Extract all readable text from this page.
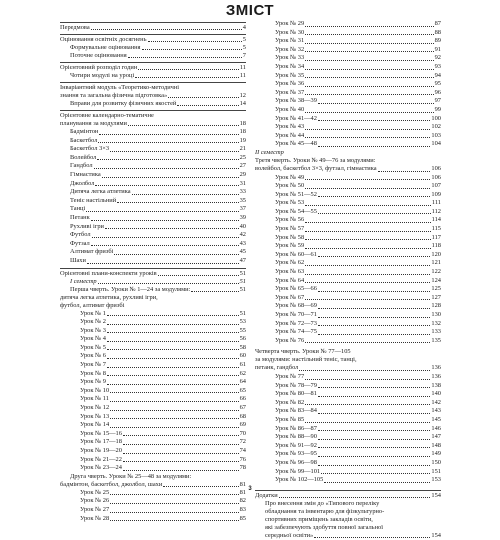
ЗМІСТ
Передмова	4
Оцінювання освітніх досягнень	5
Формувальне оцінювання	5
Поточне оцінювання	7
Орієнтовний розподіл годин	11
Чотири модулі на уроці	11
Інваріантний модуль «Теоретико-методичні
знання та загальна фізична підготовка»	12
Вправи для розвитку фізичних якостей	14
Орієнтовне календарно-тематичне
планування за модулями	18
Бадмінтон	18
Баскетбол	19
Баскетбол 3×3	21
Волейбол	25
Гандбол	27
Гімнастика	29
Джолбол	31
Дитяча легка атлетика	33
Теніс настільний	35
Танці	37
Петанк	39
Рухливі ігри	40
Футбол	42
Футзал	43
Алтимат фризбі	45
Шахи	47
Орієнтовні плани-конспекти уроків	51
І семестр	51
Перша чверть. Уроки № 1—24 за модулями:	51
дитяча легка атлетика, рухливі ігри,
футбол, алтимат фризбі
Урок № 1	51
Урок № 2	53
Урок № 3	55
Урок № 4	56
Урок № 5	58
Урок № 6	60
Урок № 7	61
Урок № 8	62
Урок № 9	64
Урок № 10	65
Урок № 11	66
Урок № 12	67
Урок № 13	68
Урок № 14	69
Урок № 15—16	70
Урок № 17—18	72
Урок № 19—20	74
Урок № 21—22	76
Урок № 23—24	78
Друга чверть. Уроки № 25—48 за модулями:
бадмінтон, баскетбол, джолбол, шахи	81
Урок № 25	81
Урок № 26	82
Урок № 27	83
Урок № 28	85
Урок № 29	87
Урок № 30	88
Урок № 31	89
Урок № 32	91
Урок № 33	92
Урок № 34	93
Урок № 35	94
Урок № 36	95
Урок № 37	96
Урок № 38—39	97
Урок № 40	99
Урок № 41—42	100
Урок № 43	102
Урок № 44	103
Урок № 45—48	104
ІІ семестр
Третя чверть. Уроки № 49—76 за модулями:
волейбол, баскетбол 3×3, футзал, гімнастика	106
Урок № 49	106
Урок № 50	107
Урок № 51—52	109
Урок № 53	111
Урок № 54—55	112
Урок № 56	114
Урок № 57	115
Урок № 58	117
Урок № 59	118
Урок № 60—61	120
Урок № 62	121
Урок № 63	122
Урок № 64	124
Урок № 65—66	125
Урок № 67	127
Урок № 68—69	128
Урок № 70—71	130
Урок № 72—73	132
Урок № 74—75	133
Урок № 76	135
Четверта чверть. Уроки № 77—105
за модулями: настільний теніс, танці,
петанк, гандбол	136
Урок № 77	136
Урок № 78—79	138
Урок № 80—81	140
Урок № 82	142
Урок № 83—84	143
Урок № 85	145
Урок № 86—87	146
Урок № 88—90	147
Урок № 91—92	148
Урок № 93—95	149
Урок № 96—98	150
Урок № 99—101	151
Урок № 102—105	153
Додатки	154
Про внесення змін до «Типового переліку
обладнання та інвентарю для фізкультурно-
спортивних приміщень закладів освіти,
які забезпечують здобуття повної загальної
середньої освіти»	154
3
